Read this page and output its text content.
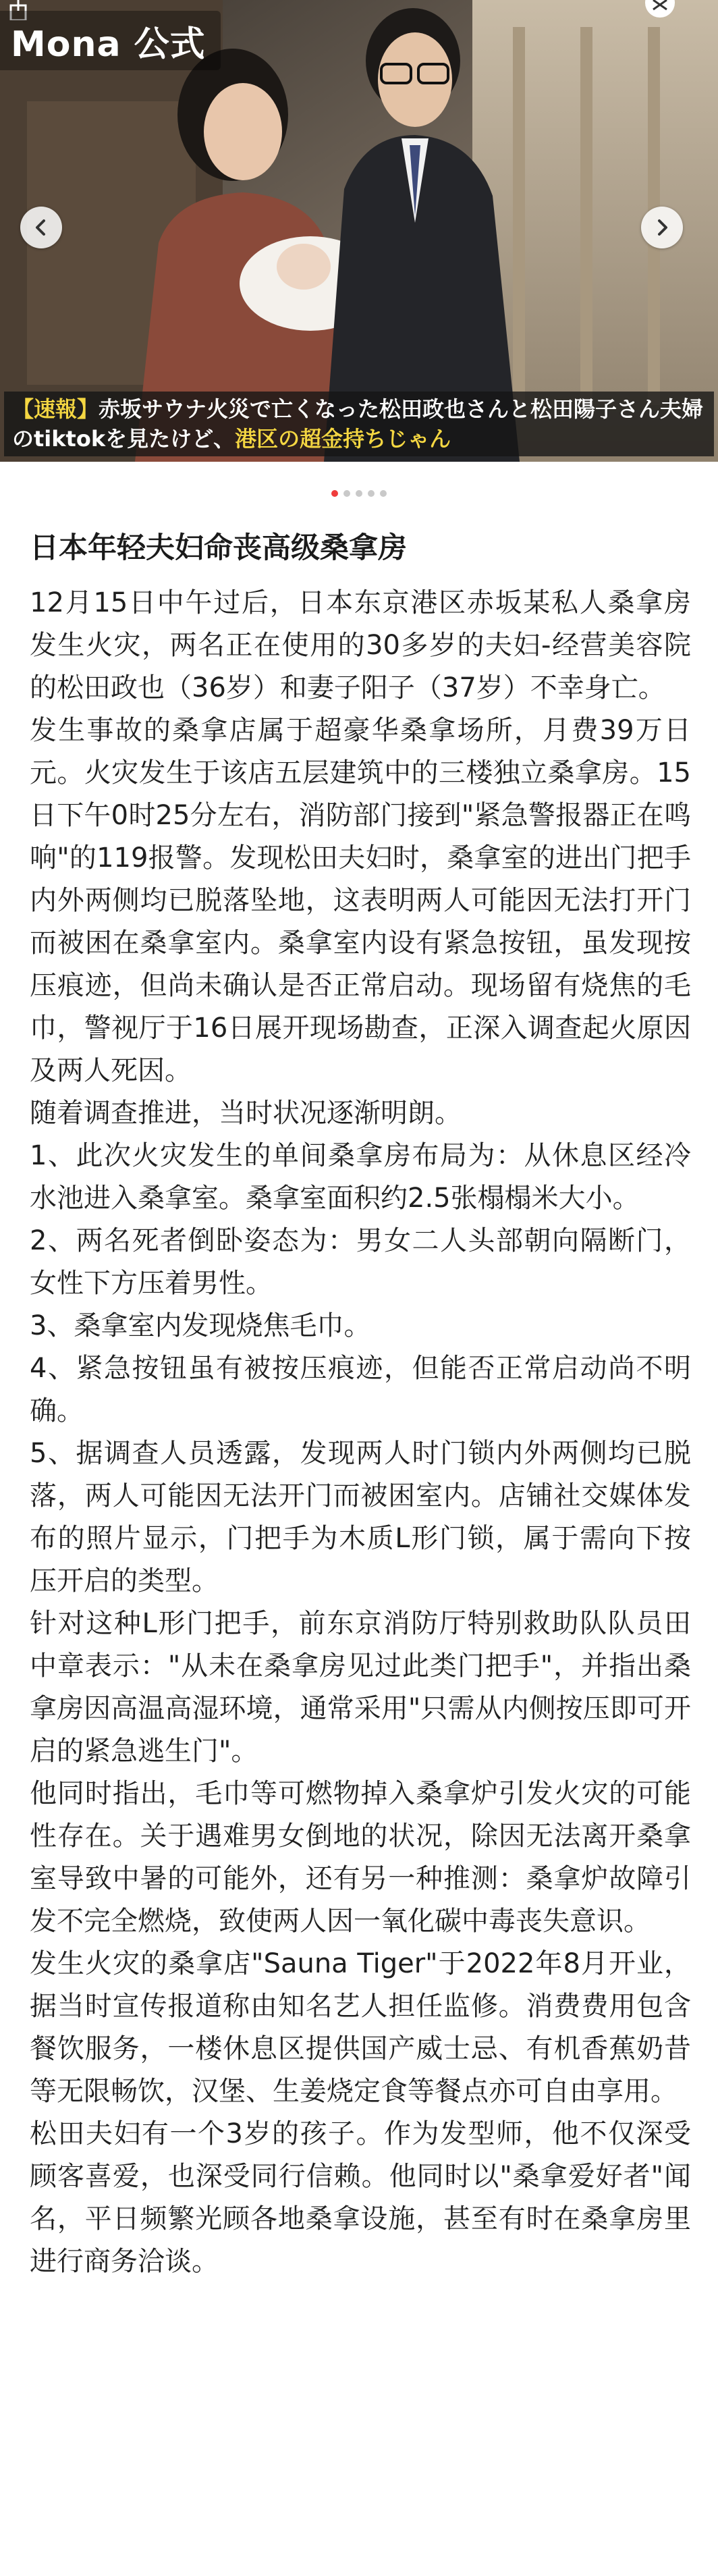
Mona 公式
【速報】赤坂サウナ火災で亡くなった松田政也さんと松田陽子さん夫婦のtiktokを見たけど、港区の超金持ちじゃん
日本年轻夫妇命丧高级桑拿房

12月15日中午过后，日本东京港区赤坂某私人桑拿房发生火灾，两名正在使用的30多岁的夫妇-经营美容院的松田政也（36岁）和妻子阳子（37岁）不幸身亡。

发生事故的桑拿店属于超豪华桑拿场所，月费39万日元。火灾发生于该店五层建筑中的三楼独立桑拿房。15日下午0时25分左右，消防部门接到"紧急警报器正在鸣响"的119报警。发现松田夫妇时，桑拿室的进出门把手内外两侧均已脱落坠地，这表明两人可能因无法打开门而被困在桑拿室内。桑拿室内设有紧急按钮，虽发现按压痕迹，但尚未确认是否正常启动。现场留有烧焦的毛巾，警视厅于16日展开现场勘查，正深入调查起火原因及两人死因。

随着调查推进，当时状况逐渐明朗。

1、此次火灾发生的单间桑拿房布局为：从休息区经冷水池进入桑拿室。桑拿室面积约2.5张榻榻米大小。

2、两名死者倒卧姿态为：男女二人头部朝向隔断门，女性下方压着男性。

3、桑拿室内发现烧焦毛巾。

4、紧急按钮虽有被按压痕迹，但能否正常启动尚不明确。

5、据调查人员透露，发现两人时门锁内外两侧均已脱落，两人可能因无法开门而被困室内。店铺社交媒体发布的照片显示，门把手为木质L形门锁，属于需向下按压开启的类型。

针对这种L形门把手，前东京消防厅特别救助队队员田中章表示："从未在桑拿房见过此类门把手"，并指出桑拿房因高温高湿环境，通常采用"只需从内侧按压即可开启的紧急逃生门"。

他同时指出，毛巾等可燃物掉入桑拿炉引发火灾的可能性存在。关于遇难男女倒地的状况，除因无法离开桑拿室导致中暑的可能外，还有另一种推测：桑拿炉故障引发不完全燃烧，致使两人因一氧化碳中毒丧失意识。

发生火灾的桑拿店"Sauna Tiger"于2022年8月开业，据当时宣传报道称由知名艺人担任监修。消费费用包含餐饮服务，一楼休息区提供国产威士忌、有机香蕉奶昔等无限畅饮，汉堡、生姜烧定食等餐点亦可自由享用。

松田夫妇有一个3岁的孩子。作为发型师，他不仅深受顾客喜爱，也深受同行信赖。他同时以"桑拿爱好者"闻名，平日频繁光顾各地桑拿设施，甚至有时在桑拿房里进行商务洽谈。
